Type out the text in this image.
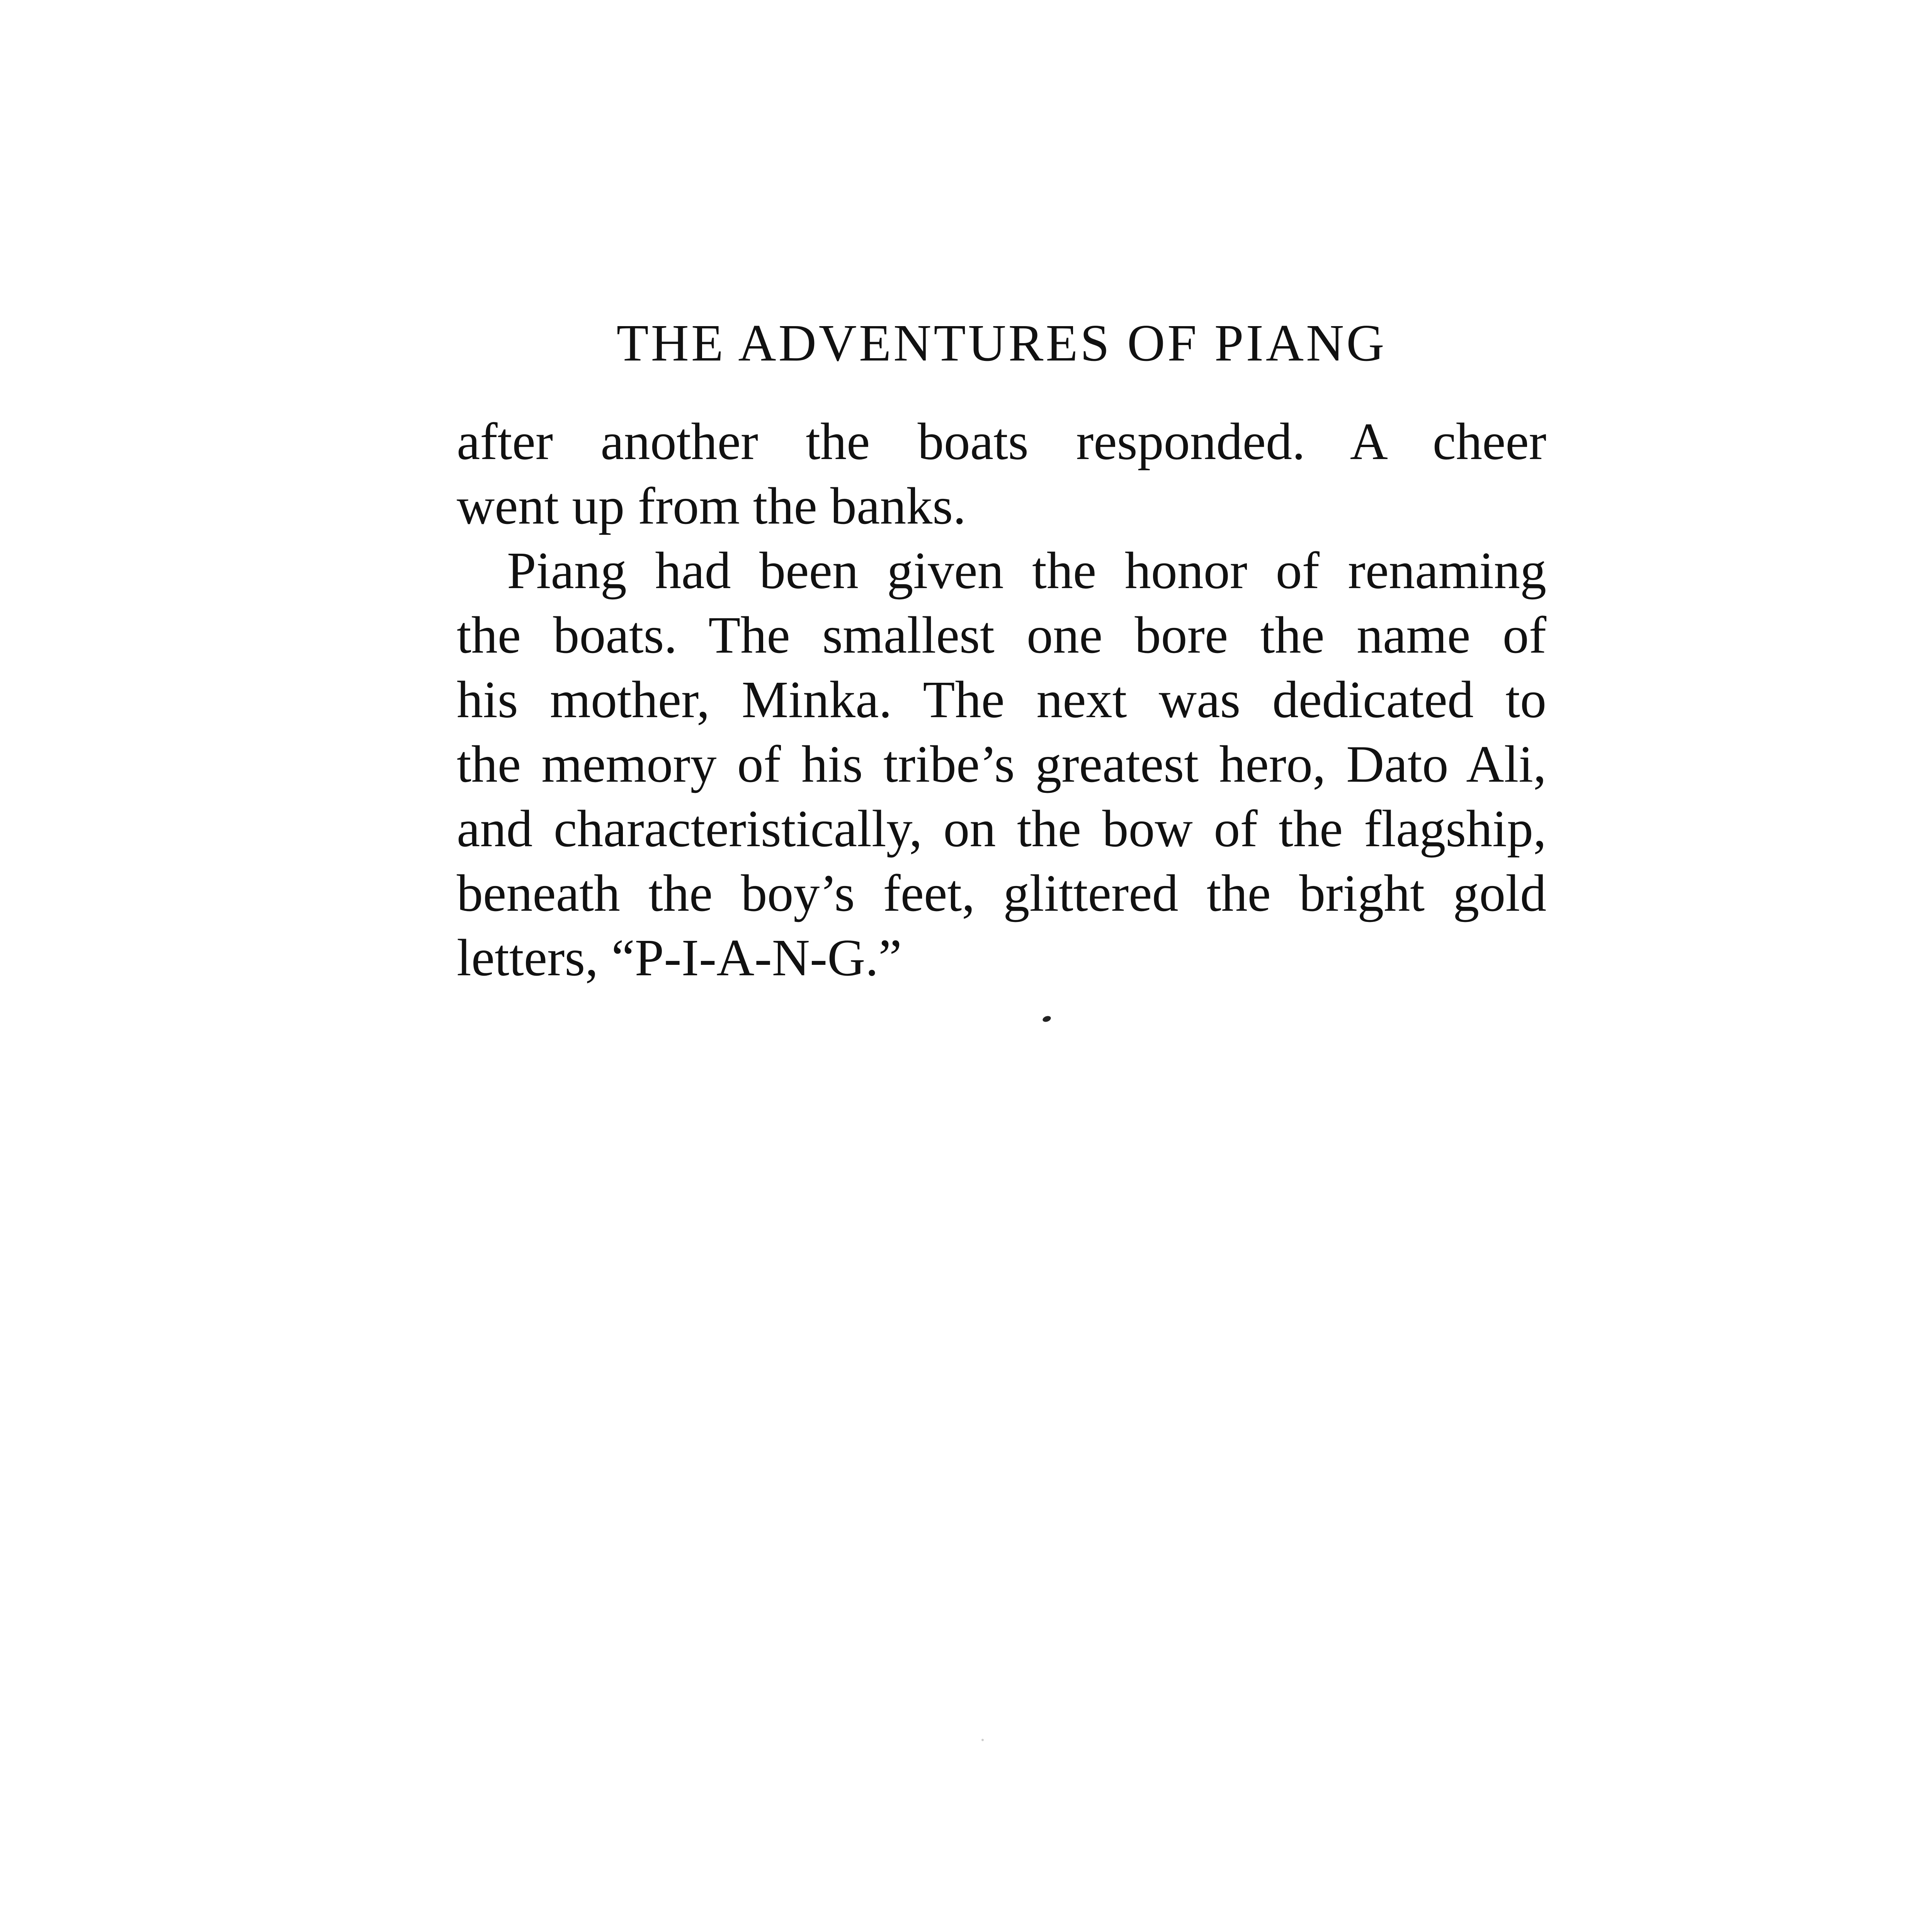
THE ADVENTURES OF PIANG

after another the boats responded. A cheer
went up from the banks.

Piang had been given the honor of renaming
the boats. The smallest one bore the name of
his mother, Minka. The next was dedicated to
the memory of his tribe’s greatest hero, Dato Ali,
and characteristically, on the bow of the flagship,
beneath the boy’s feet, glittered the bright gold
letters, “P-I-A-N-G.”
